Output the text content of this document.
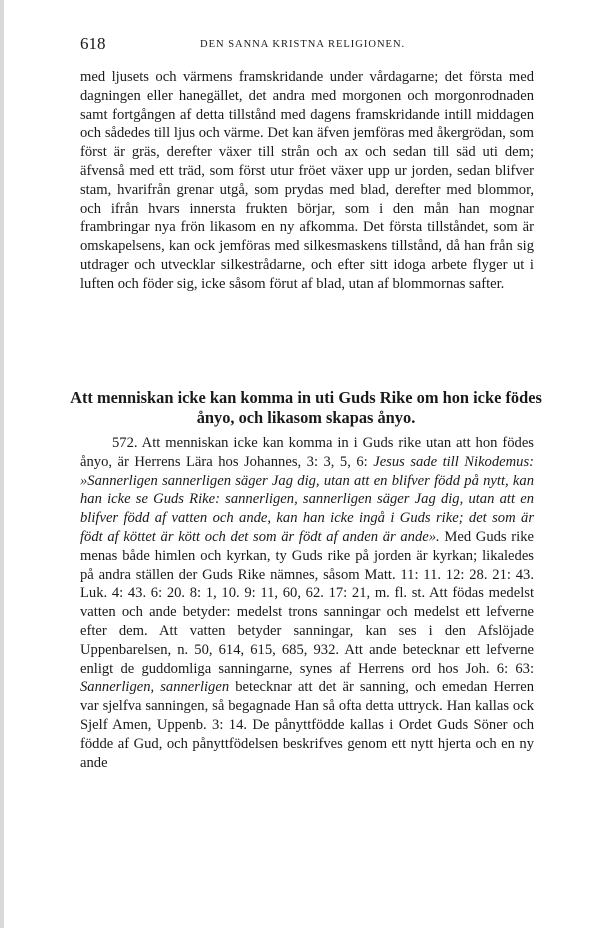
618	DEN SANNA KRISTNA RELIGIONEN.

med ljusets och värmens framskridande under vårdagarne; det första med dagningen eller hanegället, det andra med morgonen och morgonrodnaden samt fortgången af detta tillstånd med dagens framskridande intill middagen och sådedes till ljus och värme. Det kan äfven jemföras med åkergrödan, som först är gräs, derefter växer till strån och ax och sedan till säd uti dem; äfvenså med ett träd, som först utur fröet växer upp ur jorden, sedan blifver stam, hvarifrån grenar utgå, som prydas med blad, derefter med blommor, och ifrån hvars innersta frukten börjar, som i den mån han mognar frambringar nya frön likasom en ny afkomma. Det första tillståndet, som är omskapelsens, kan ock jemföras med silkesmaskens tillstånd, då han från sig utdrager och utvecklar silkestrådarne, och efter sitt idoga arbete flyger ut i luften och föder sig, icke såsom förut af blad, utan af blommornas safter.

Att menniskan icke kan komma in uti Guds Rike om hon icke födes ånyo, och likasom skapas ånyo.

572. Att menniskan icke kan komma in i Guds rike utan att hon födes ånyo, är Herrens Lära hos Johannes, 3: 3, 5, 6: Jesus sade till Nikodemus: »Sannerligen sannerligen säger Jag dig, utan att en blifver född på nytt, kan han icke se Guds Rike: sannerligen, sannerligen säger Jag dig, utan att en blifver född af vatten och ande, kan han icke ingå i Guds rike; det som är födt af köttet är kött och det som är födt af anden är ande». Med Guds rike menas både himlen och kyrkan, ty Guds rike på jorden är kyrkan; likaledes på andra ställen der Guds Rike nämnes, såsom Matt. 11: 11. 12: 28. 21: 43. Luk. 4: 43. 6: 20. 8: 1, 10. 9: 11, 60, 62. 17: 21, m. fl. st. Att födas medelst vatten och ande betyder: medelst trons sanningar och medelst ett lefverne efter dem. Att vatten betyder sanningar, kan ses i den Afslöjade Uppenbarelsen, n. 50, 614, 615, 685, 932. Att ande betecknar ett lefverne enligt de guddomliga sanningarne, synes af Herrens ord hos Joh. 6: 63: Sannerligen, sannerligen betecknar att det är sanning, och emedan Herren var sjelfva sanningen, så begagnade Han så ofta detta uttryck. Han kallas ock Sjelf Amen, Uppenb. 3: 14. De pånyttfödde kallas i Ordet Guds Söner och födde af Gud, och pånyttfödelsen beskrifves genom ett nytt hjerta och en ny ande
